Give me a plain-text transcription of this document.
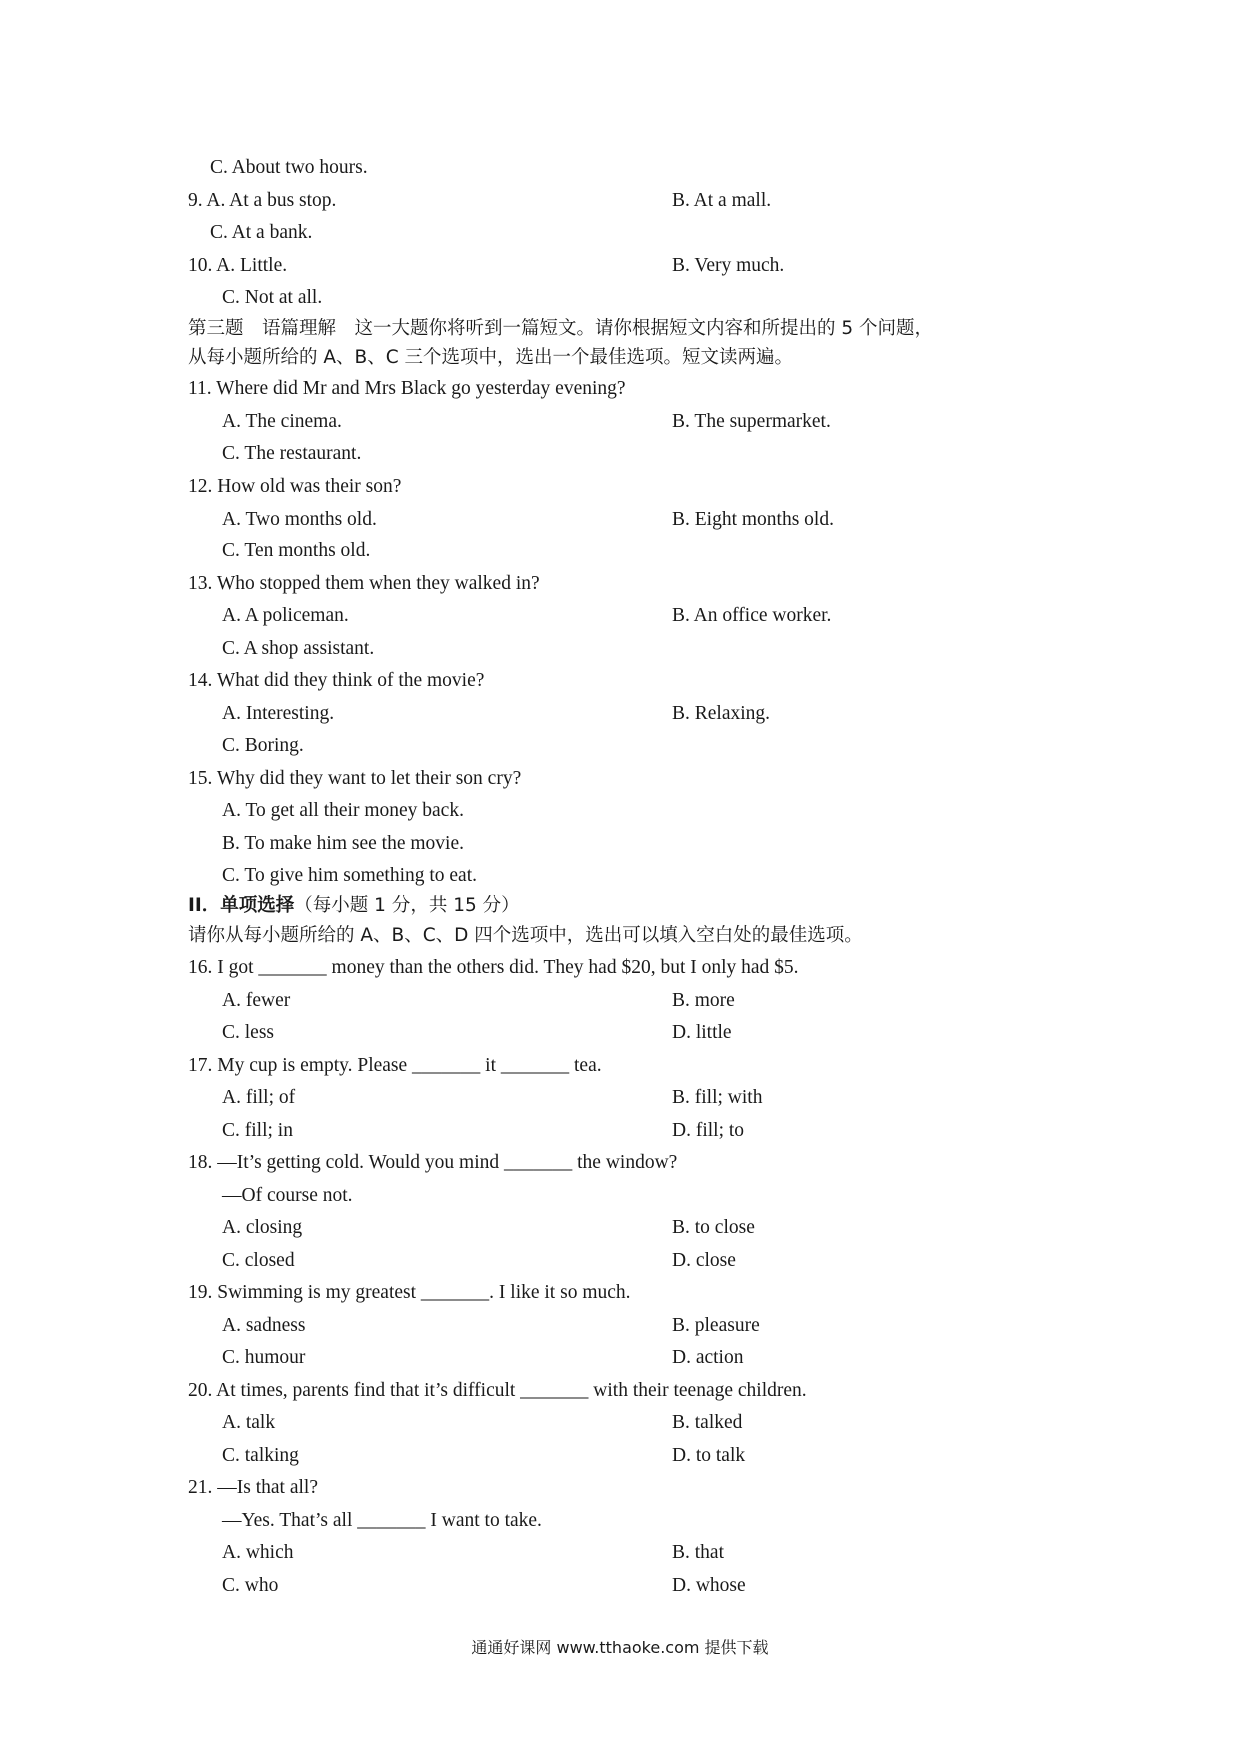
C. About two hours.
9. A. At a bus stop.	B. At a mall.
C. At a bank.
10. A. Little.	B. Very much.
C. Not at all.
第三题　语篇理解　这一大题你将听到一篇短文。请你根据短文内容和所提出的 5 个问题，
从每小题所给的 A、B、C 三个选项中，选出一个最佳选项。短文读两遍。
11. Where did Mr and Mrs Black go yesterday evening?
A. The cinema.	B. The supermarket.
C. The restaurant.
12. How old was their son?
A. Two months old.	B. Eight months old.
C. Ten months old.
13. Who stopped them when they walked in?
A. A policeman.	B. An office worker.
C. A shop assistant.
14. What did they think of the movie?
A. Interesting.	B. Relaxing.
C. Boring.
15. Why did they want to let their son cry?
A. To get all their money back.
B. To make him see the movie.
C. To give him something to eat.
II．单项选择（每小题 1 分，共 15 分）
请你从每小题所给的 A、B、C、D 四个选项中，选出可以填入空白处的最佳选项。
16. I got _______ money than the others did. They had $20, but I only had $5.
A. fewer	B. more
C. less	D. little
17. My cup is empty. Please _______ it _______ tea.
A. fill; of	B. fill; with
C. fill; in	D. fill; to
18. —It’s getting cold. Would you mind _______ the window?
—Of course not.
A. closing	B. to close
C. closed	D. close
19. Swimming is my greatest _______. I like it so much.
A. sadness	B. pleasure
C. humour	D. action
20. At times, parents find that it’s difficult _______ with their teenage children.
A. talk	B. talked
C. talking	D. to talk
21. —Is that all?
—Yes. That’s all _______ I want to take.
A. which	B. that
C. who	D. whose
通通好课网 www.tthaoke.com 提供下载
